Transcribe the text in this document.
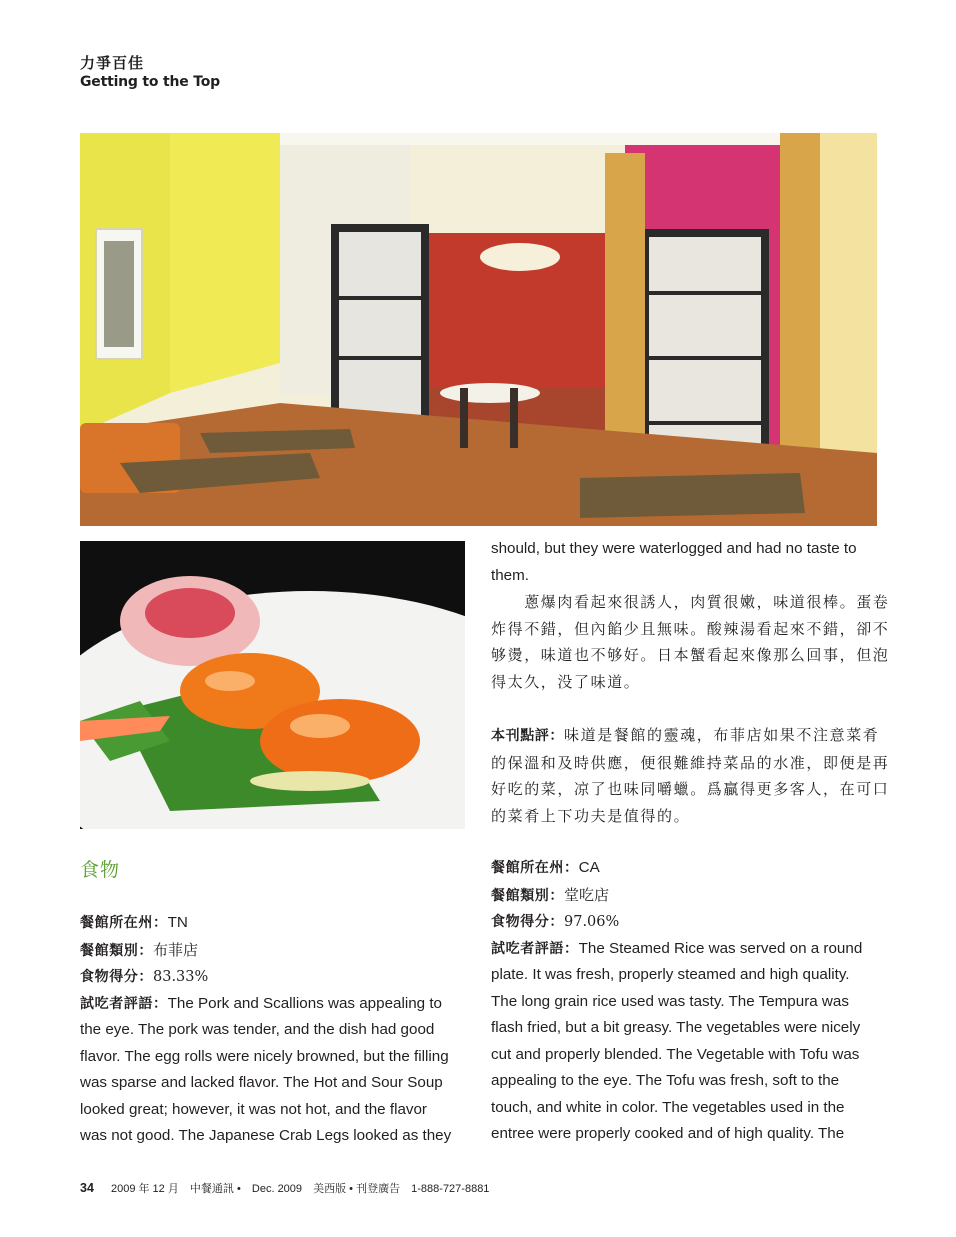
力爭百佳
Getting to the Top
should, but they were waterlogged and had no taste to
them.
　　蔥爆肉看起來很誘人，肉質很嫩，味道很棒。蛋卷
炸得不錯，但內餡少且無味。酸辣湯看起來不錯，卻不
够燙，味道也不够好。日本蟹看起來像那么回事，但泡
得太久，没了味道。
本刊點評：味道是餐館的靈魂，布菲店如果不注意菜肴
的保溫和及時供應，便很難維持菜品的水准，即便是再
好吃的菜，凉了也味同嚼蠟。爲贏得更多客人，在可口
的菜肴上下功夫是值得的。
餐館所在州：CA
餐館類別：堂吃店
食物得分：97.06%
試吃者評語：The Steamed Rice was served on a round
plate. It was fresh, properly steamed and high quality.
The long grain rice used was tasty. The Tempura was
flash fried, but a bit greasy. The vegetables were nicely
cut and properly blended. The Vegetable with Tofu was
appealing to the eye. The Tofu was fresh, soft to the
touch, and white in color. The vegetables used in the
entree were properly cooked and of high quality. The
食物
餐館所在州：TN
餐館類別：布菲店
食物得分：83.33%
試吃者評語：The Pork and Scallions was appealing to
the eye. The pork was tender, and the dish had good
flavor. The egg rolls were nicely browned, but the filling
was sparse and lacked flavor. The Hot and Sour Soup
looked great; however, it was not hot, and the flavor
was not good. The Japanese Crab Legs looked as they
34 2009 年 12 月 中餐通訊 • Dec. 2009 美西版 • 刊登廣告 1-888-727-8881
